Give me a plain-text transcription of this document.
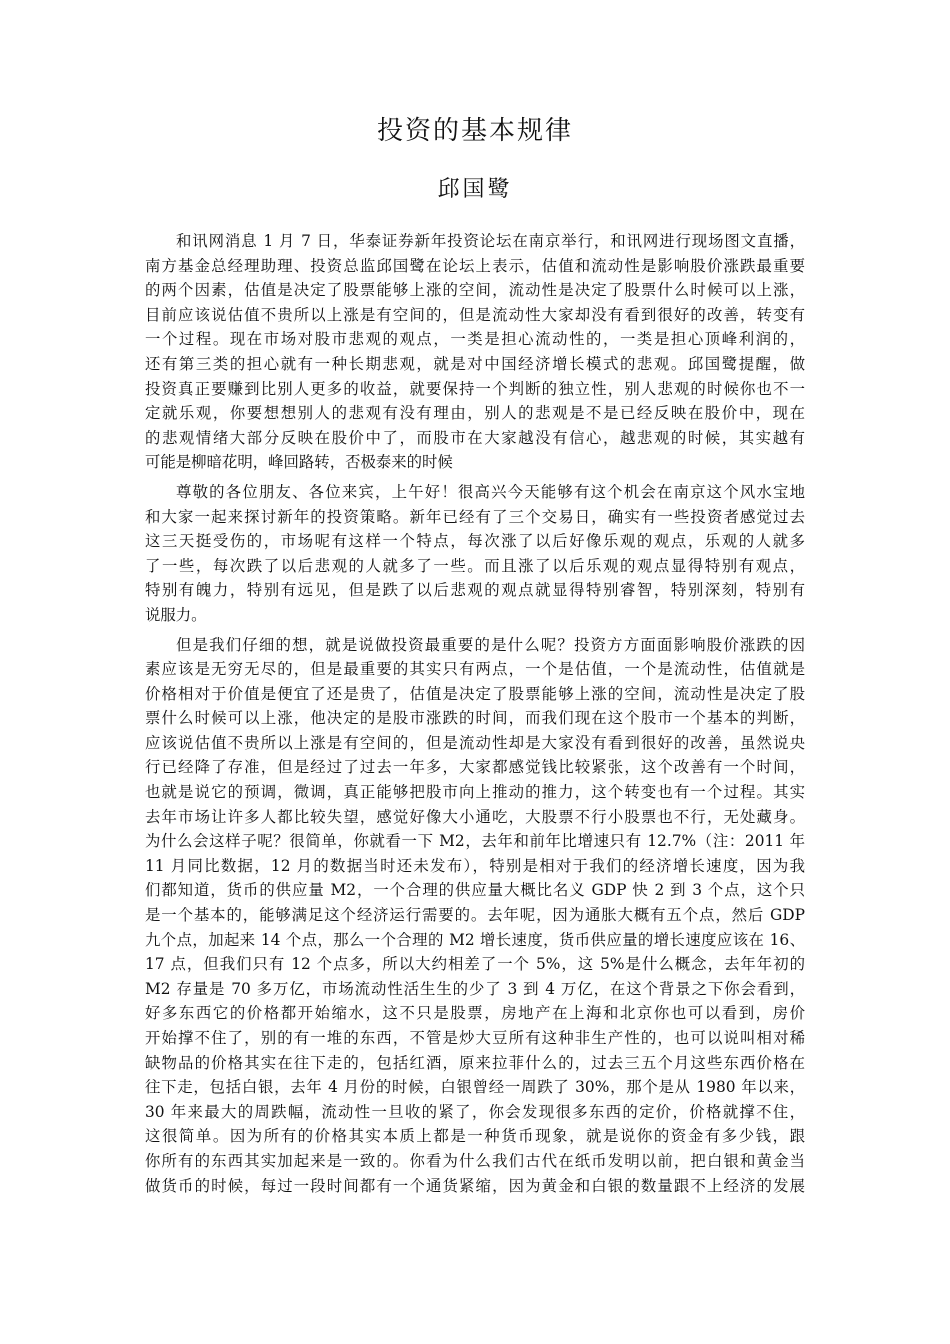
投资的基本规律
邱国鹭
和讯网消息 1 月 7 日，华泰证券新年投资论坛在南京举行，和讯网进行现场图文直播，
南方基金总经理助理、投资总监邱国鹭在论坛上表示，估值和流动性是影响股价涨跌最重要
的两个因素，估值是决定了股票能够上涨的空间，流动性是决定了股票什么时候可以上涨，
目前应该说估值不贵所以上涨是有空间的，但是流动性大家却没有看到很好的改善，转变有
一个过程。现在市场对股市悲观的观点，一类是担心流动性的，一类是担心顶峰利润的，
还有第三类的担心就有一种长期悲观，就是对中国经济增长模式的悲观。邱国鹭提醒，做
投资真正要赚到比别人更多的收益，就要保持一个判断的独立性，别人悲观的时候你也不一
定就乐观，你要想想别人的悲观有没有理由，别人的悲观是不是已经反映在股价中，现在
的悲观情绪大部分反映在股价中了，而股市在大家越没有信心，越悲观的时候，其实越有
可能是柳暗花明，峰回路转，否极泰来的时候
尊敬的各位朋友、各位来宾，上午好！很高兴今天能够有这个机会在南京这个风水宝地
和大家一起来探讨新年的投资策略。新年已经有了三个交易日，确实有一些投资者感觉过去
这三天挺受伤的，市场呢有这样一个特点，每次涨了以后好像乐观的观点，乐观的人就多
了一些，每次跌了以后悲观的人就多了一些。而且涨了以后乐观的观点显得特别有观点，
特别有魄力，特别有远见，但是跌了以后悲观的观点就显得特别睿智，特别深刻，特别有
说服力。
但是我们仔细的想，就是说做投资最重要的是什么呢？投资方方面面影响股价涨跌的因
素应该是无穷无尽的，但是最重要的其实只有两点，一个是估值，一个是流动性，估值就是
价格相对于价值是便宜了还是贵了，估值是决定了股票能够上涨的空间，流动性是决定了股
票什么时候可以上涨，他决定的是股市涨跌的时间，而我们现在这个股市一个基本的判断，
应该说估值不贵所以上涨是有空间的，但是流动性却是大家没有看到很好的改善，虽然说央
行已经降了存准，但是经过了过去一年多，大家都感觉钱比较紧张，这个改善有一个时间，
也就是说它的预调，微调，真正能够把股市向上推动的推力，这个转变也有一个过程。其实
去年市场让许多人都比较失望，感觉好像大小通吃，大股票不行小股票也不行，无处藏身。
为什么会这样子呢？很简单，你就看一下 M2，去年和前年比增速只有 12.7%（注：2011 年
11 月同比数据，12 月的数据当时还未发布），特别是相对于我们的经济增长速度，因为我
们都知道，货币的供应量 M2，一个合理的供应量大概比名义 GDP 快 2 到 3 个点，这个只
是一个基本的，能够满足这个经济运行需要的。去年呢，因为通胀大概有五个点，然后 GDP
九个点，加起来 14 个点，那么一个合理的 M2 增长速度，货币供应量的增长速度应该在 16、
17 点，但我们只有 12 个点多，所以大约相差了一个 5%，这 5%是什么概念，去年年初的
M2 存量是 70 多万亿，市场流动性活生生的少了 3 到 4 万亿，在这个背景之下你会看到，
好多东西它的价格都开始缩水，这不只是股票，房地产在上海和北京你也可以看到，房价
开始撑不住了，别的有一堆的东西，不管是炒大豆所有这种非生产性的，也可以说叫相对稀
缺物品的价格其实在往下走的，包括红酒，原来拉菲什么的，过去三五个月这些东西价格在
往下走，包括白银，去年 4 月份的时候，白银曾经一周跌了 30%，那个是从 1980 年以来，
30 年来最大的周跌幅，流动性一旦收的紧了，你会发现很多东西的定价，价格就撑不住，
这很简单。因为所有的价格其实本质上都是一种货币现象，就是说你的资金有多少钱，跟
你所有的东西其实加起来是一致的。你看为什么我们古代在纸币发明以前，把白银和黄金当
做货币的时候，每过一段时间都有一个通货紧缩，因为黄金和白银的数量跟不上经济的发展
